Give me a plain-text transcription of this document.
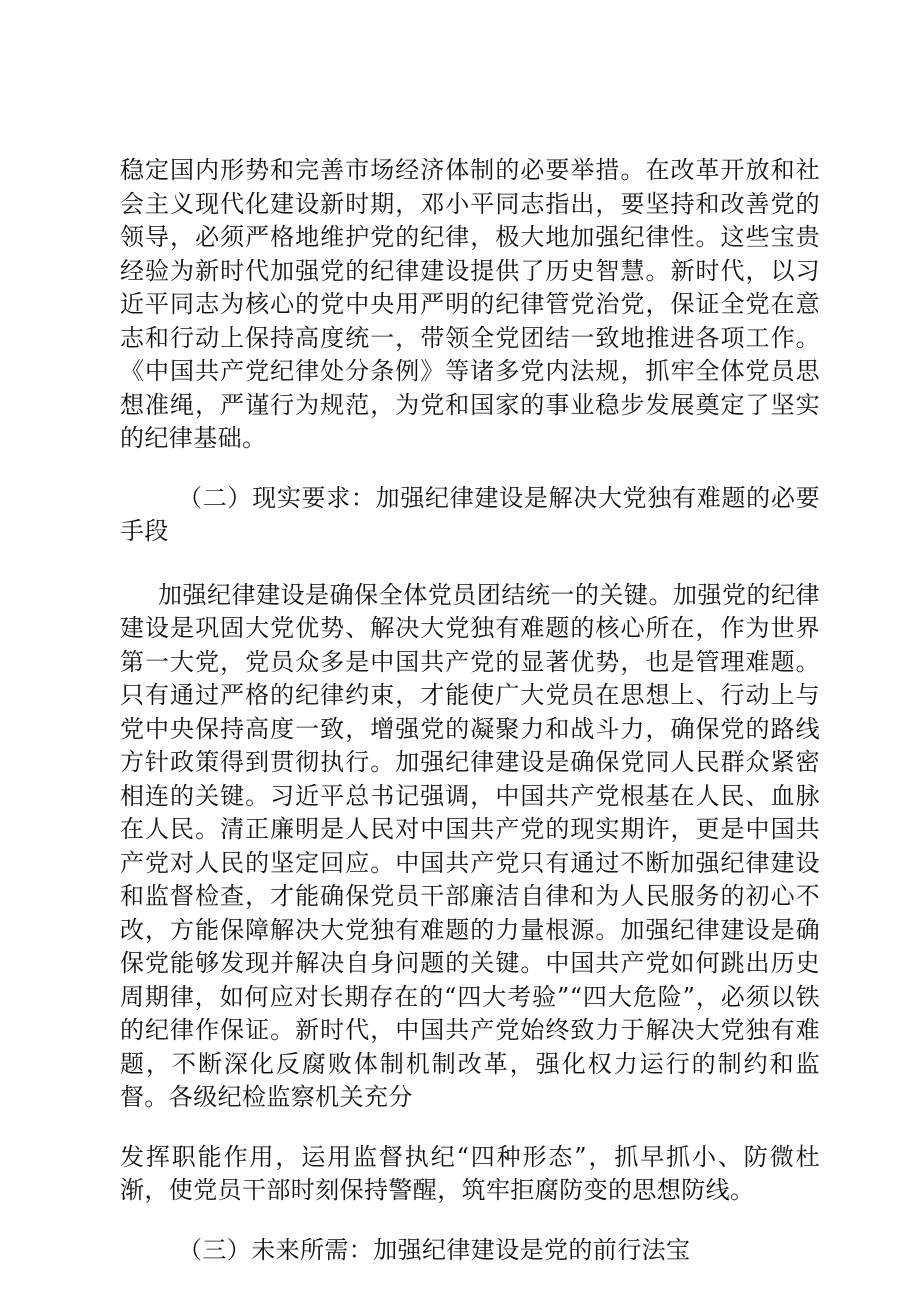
稳定国内形势和完善市场经济体制的必要举措。在改革开放和社会主义现代化建设新时期，邓小平同志指出，要坚持和改善党的领导，必须严格地维护党的纪律，极大地加强纪律性。这些宝贵经验为新时代加强党的纪律建设提供了历史智慧。新时代，以习近平同志为核心的党中央用严明的纪律管党治党，保证全党在意志和行动上保持高度统一，带领全党团结一致地推进各项工作。《中国共产党纪律处分条例》等诸多党内法规，抓牢全体党员思想准绳，严谨行为规范，为党和国家的事业稳步发展奠定了坚实的纪律基础。

（二）现实要求：加强纪律建设是解决大党独有难题的必要手段

加强纪律建设是确保全体党员团结统一的关键。加强党的纪律建设是巩固大党优势、解决大党独有难题的核心所在，作为世界第一大党，党员众多是中国共产党的显著优势，也是管理难题。只有通过严格的纪律约束，才能使广大党员在思想上、行动上与党中央保持高度一致，增强党的凝聚力和战斗力，确保党的路线方针政策得到贯彻执行。加强纪律建设是确保党同人民群众紧密相连的关键。习近平总书记强调，中国共产党根基在人民、血脉在人民。清正廉明是人民对中国共产党的现实期许，更是中国共产党对人民的坚定回应。中国共产党只有通过不断加强纪律建设和监督检查，才能确保党员干部廉洁自律和为人民服务的初心不改，方能保障解决大党独有难题的力量根源。加强纪律建设是确保党能够发现并解决自身问题的关键。中国共产党如何跳出历史周期律，如何应对长期存在的“四大考验”“四大危险”，必须以铁的纪律作保证。新时代，中国共产党始终致力于解决大党独有难题，不断深化反腐败体制机制改革，强化权力运行的制约和监督。各级纪检监察机关充分

发挥职能作用，运用监督执纪“四种形态”，抓早抓小、防微杜渐，使党员干部时刻保持警醒，筑牢拒腐防变的思想防线。

（三）未来所需：加强纪律建设是党的前行法宝
